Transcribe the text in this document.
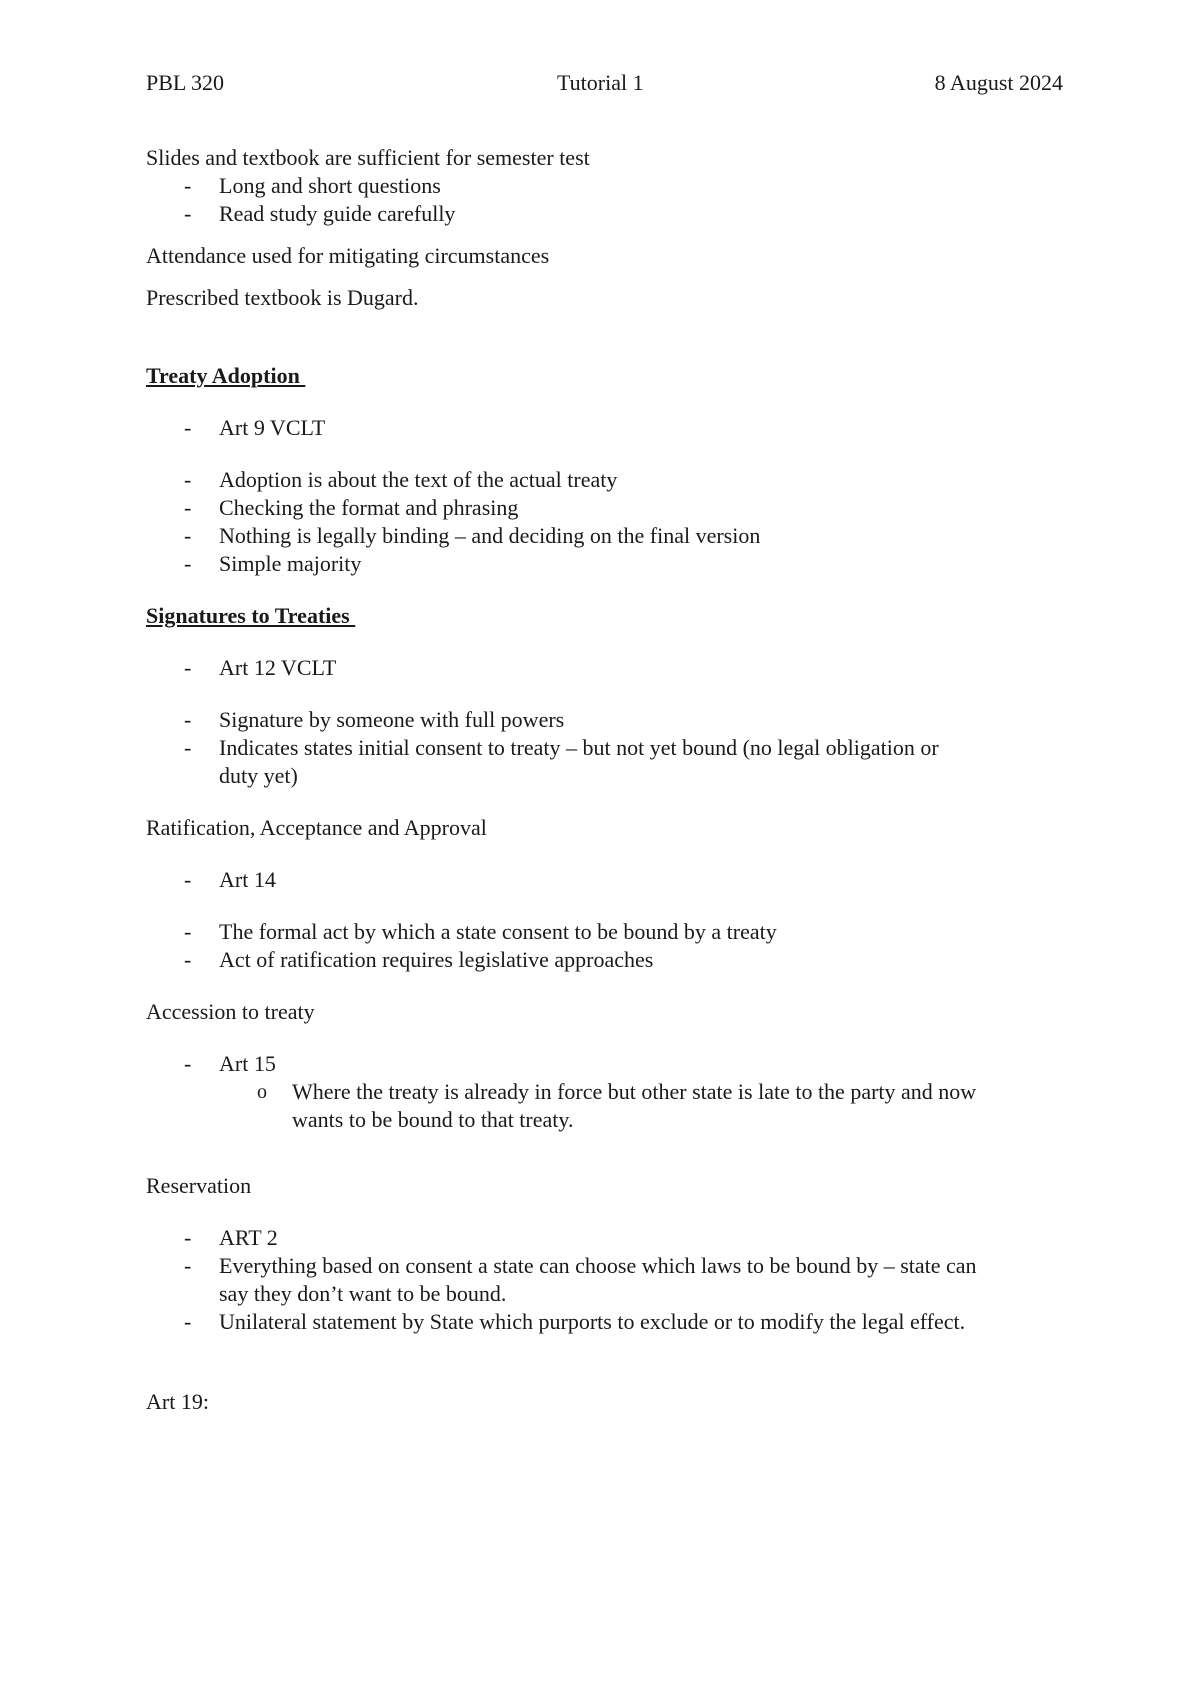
PBL 320	Tutorial 1	8 August 2024

Slides and textbook are sufficient for semester test

- Long and short questions
- Read study guide carefully

Attendance used for mitigating circumstances

Prescribed textbook is Dugard.

Treaty Adoption

- Art 9 VCLT
- Adoption is about the text of the actual treaty
- Checking the format and phrasing
- Nothing is legally binding – and deciding on the final version
- Simple majority

Signatures to Treaties

- Art 12 VCLT
- Signature by someone with full powers
- Indicates states initial consent to treaty – but not yet bound (no legal obligation or duty yet)

Ratification, Acceptance and Approval

- Art 14
- The formal act by which a state consent to be bound by a treaty
- Act of ratification requires legislative approaches

Accession to treaty

- Art 15
o Where the treaty is already in force but other state is late to the party and now wants to be bound to that treaty.

Reservation

- ART 2
- Everything based on consent a state can choose which laws to be bound by – state can say they don’t want to be bound.
- Unilateral statement by State which purports to exclude or to modify the legal effect.

Art 19:
